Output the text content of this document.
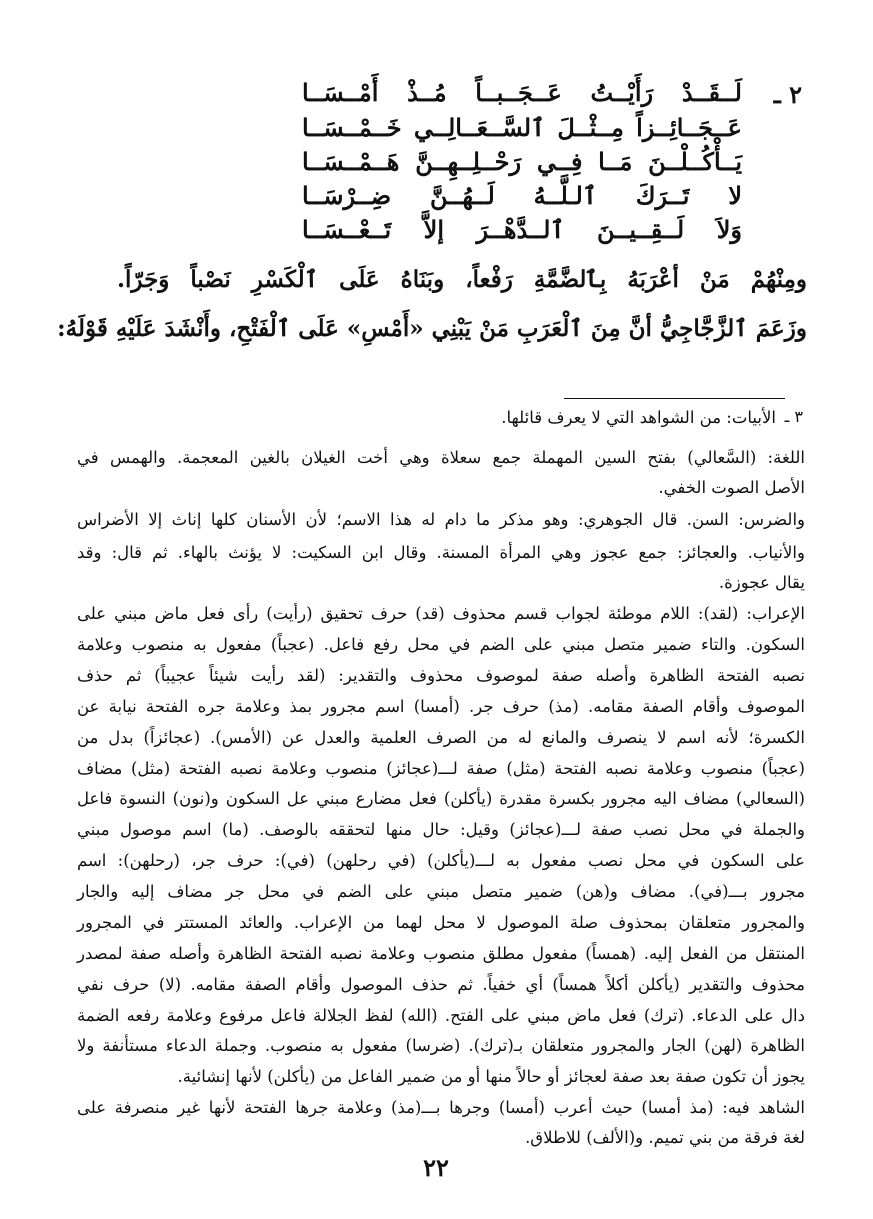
٢ ـ
لَــقَــدْ رَأَيْــتُ عَــجَــبــاً مُــذْ أَمْــسَــا
عَــجَــائِــزاً مِــثْــلَ ٱلسَّــعَــالِــي خَــمْــسَــا
يَــأْكُــلْــنَ مَــا فِــي رَحْــلِــهِــنَّ هَــمْــسَــا
لا تَــرَكَ ٱلـلَّــهُ لَــهُــنَّ ضِــرْسَــا
وَلاَ لَــقِــيــنَ ٱلــدَّهْــرَ إلاَّ تَــعْــسَــا
ومِنْهُمْ مَنْ أعْرَبَهُ بِٱلضَّمَّةِ رَفْعاً، وبَنَاهُ عَلَى ٱلْكَسْرِ نَصْباً وَجَرّاً.
وزَعَمَ ٱلزَّجَّاجِيُّ أنَّ مِنَ ٱلْعَرَبِ مَنْ يَبْنِي «أَمْسِ» عَلَى ٱلْفَتْحِ، وأَنْشَدَ عَلَيْهِ قَوْلَهُ:
٣ ـ
الأبيات: من الشواهد التي لا يعرف قائلها.
اللغة: (السَّعالي) بفتح السين المهملة جمع سعلاة وهي أخت الغيلان بالغين المعجمة. والهمس في
الأصل الصوت الخفي.
والضرس: السن. قال الجوهري: وهو مذكر ما دام له هذا الاسم؛ لأن الأسنان كلها إناث إلا الأضراس
والأنياب. والعجائز: جمع عجوز وهي المرأة المسنة. وقال ابن السكيت: لا يؤنث بالهاء. ثم قال: وقد
يقال عجوزة.
الإعراب: (لقد): اللام موطئة لجواب قسم محذوف (قد) حرف تحقيق (رأيت) رأى فعل ماض مبني على
السكون. والتاء ضمير متصل مبني على الضم في محل رفع فاعل. (عجباً) مفعول به منصوب وعلامة
نصبه الفتحة الظاهرة وأصله صفة لموصوف محذوف والتقدير: (لقد رأيت شيئاً عجيباً) ثم حذف
الموصوف وأقام الصفة مقامه. (مذ) حرف جر. (أمسا) اسم مجرور بمذ وعلامة جره الفتحة نيابة عن
الكسرة؛ لأنه اسم لا ينصرف والمانع له من الصرف العلمية والعدل عن (الأمس). (عجائزاً) بدل من
(عجباً) منصوب وعلامة نصبه الفتحة (مثل) صفة لـــ(عجائز) منصوب وعلامة نصبه الفتحة (مثل) مضاف
(السعالي) مضاف اليه مجرور بكسرة مقدرة (يأكلن) فعل مضارع مبني عل السكون و(نون) النسوة فاعل
والجملة في محل نصب صفة لـــ(عجائز) وقيل: حال منها لتحققه بالوصف. (ما) اسم موصول مبني
على السكون في محل نصب مفعول به لـــ(يأكلن) (في رحلهن) (في): حرف جر، (رحلهن): اسم
مجرور بـــ(في). مضاف و(هن) ضمير متصل مبني على الضم في محل جر مضاف إليه والجار
والمجرور متعلقان بمحذوف صلة الموصول لا محل لهما من الإعراب. والعائد المستتر في المجرور
المنتقل من الفعل إليه. (همساً) مفعول مطلق منصوب وعلامة نصبه الفتحة الظاهرة وأصله صفة لمصدر
محذوف والتقدير (يأكلن أكلاً همساً) أي خفياً. ثم حذف الموصول وأقام الصفة مقامه. (لا) حرف نفي
دال على الدعاء. (ترك) فعل ماض مبني على الفتح. (الله) لفظ الجلالة فاعل مرفوع وعلامة رفعه الضمة
الظاهرة (لهن) الجار والمجرور متعلقان بـ(ترك). (ضرسا) مفعول به منصوب. وجملة الدعاء مستأنفة ولا
يجوز أن تكون صفة بعد صفة لعجائز أو حالاً منها أو من ضمير الفاعل من (يأكلن) لأنها إنشائية.
الشاهد فيه: (مذ أمسا) حيث أعرب (أمسا) وجرها بـــ(مذ) وعلامة جرها الفتحة لأنها غير منصرفة على
لغة فرقة من بني تميم. و(الألف) للاطلاق.
٢٢
